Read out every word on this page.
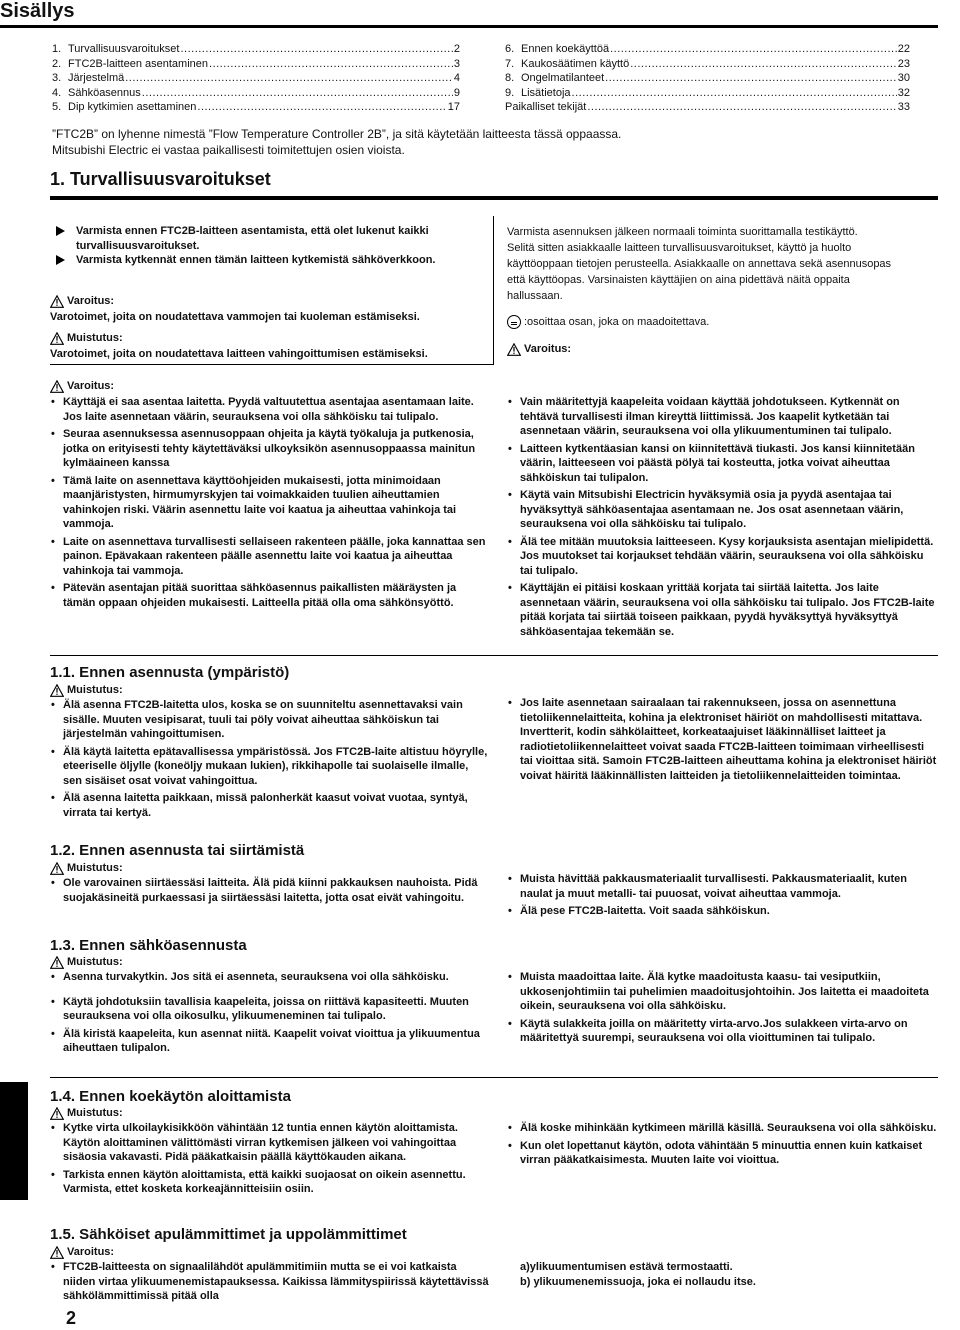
Sisällys
1. Turvallisuusvaroitukset .....	2
2. FTC2B-laitteen asentaminen .....	3
3. Järjestelmä .....	4
4. Sähköasennus .....	9
5. Dip kytkimien asettaminen .....	17
6. Ennen koekäyttöä .....	22
7. Kaukosäätimen käyttö .....	23
8. Ongelmatilanteet .....	30
9. Lisätietoja .....	32
Paikalliset tekijät .....	33
”FTC2B” on lyhenne nimestä ”Flow Temperature Controller 2B”, ja sitä käytetään laitteesta tässä oppaassa.
Mitsubishi Electric ei vastaa paikallisesti toimitettujen osien vioista.
1. Turvallisuusvaroitukset
Varmista ennen FTC2B-laitteen asentamista, että olet lukenut kaikki turvallisuusvaroitukset.
Varmista kytkennät ennen tämän laitteen kytkemistä sähköverkkoon.
Varoitus:
Varotoimet, joita on noudatettava vammojen tai kuoleman estämiseksi.
Muistutus:
Varotoimet, joita on noudatettava laitteen vahingoittumisen estämiseksi.
Varmista asennuksen jälkeen normaali toiminta suorittamalla testikäyttö.
Selitä sitten asiakkaalle laitteen turvallisuusvaroitukset, käyttö ja huolto
käyttöoppaan tietojen perusteella. Asiakkaalle on annettava sekä asennusopas
että käyttöopas. Varsinaisten käyttäjien on aina pidettävä näitä oppaita
hallussaan.
:osoittaa osan, joka on maadoitettava.
Varoitus:
Varoitus:
• Käyttäjä ei saa asentaa laitetta. Pyydä valtuutettua asentajaa asentamaan laite. Jos laite asennetaan väärin, seurauksena voi olla sähköisku tai tulipalo.
• Seuraa asennuksessa asennusoppaan ohjeita ja käytä työkaluja ja putkenosia, jotka on erityisesti tehty käytettäväksi ulkoyksikön asennusoppaassa mainitun kylmäaineen kanssa
• Tämä laite on asennettava käyttöohjeiden mukaisesti, jotta minimoidaan maanjäristysten, hirmumyrskyjen tai voimakkaiden tuulien aiheuttamien vahinkojen riski. Väärin asennettu laite voi kaatua ja aiheuttaa vahinkoja tai vammoja.
• Laite on asennettava turvallisesti sellaiseen rakenteen päälle, joka kannattaa sen painon. Epävakaan rakenteen päälle asennettu laite voi kaatua ja aiheuttaa vahinkoja tai vammoja.
• Pätevän asentajan pitää suorittaa sähköasennus paikallisten määräysten ja tämän oppaan ohjeiden mukaisesti. Laitteella pitää olla oma sähkönsyöttö.
• Vain määritettyjä kaapeleita voidaan käyttää johdotukseen. Kytkennät on tehtävä turvallisesti ilman kireyttä liittimissä. Jos kaapelit kytketään tai asennetaan väärin, seurauksena voi olla ylikuumentuminen tai tulipalo.
• Laitteen kytkentäasian kansi on kiinnitettävä tiukasti. Jos kansi kiinnitetään väärin, laitteeseen voi päästä pölyä tai kosteutta, jotka voivat aiheuttaa sähköiskun tai tulipalon.
• Käytä vain Mitsubishi Electricin hyväksymiä osia ja pyydä asentajaa tai hyväksyttyä sähköasentajaa asentamaan ne. Jos osat asennetaan väärin, seurauksena voi olla sähköisku tai tulipalo.
• Älä tee mitään muutoksia laitteeseen. Kysy korjauksista asentajan mielipidettä. Jos muutokset tai korjaukset tehdään väärin, seurauksena voi olla sähköisku tai tulipalo.
• Käyttäjän ei pitäisi koskaan yrittää korjata tai siirtää laitetta. Jos laite asennetaan väärin, seurauksena voi olla sähköisku tai tulipalo. Jos FTC2B-laite pitää korjata tai siirtää toiseen paikkaan, pyydä hyväksyttyä hyväksyttyä sähköasentajaa tekemään se.
1.1. Ennen asennusta (ympäristö)
Muistutus:
• Älä asenna FTC2B-laitetta ulos, koska se on suunniteltu asennettavaksi vain sisälle. Muuten vesipisarat, tuuli tai pöly voivat aiheuttaa sähköiskun tai järjestelmän vahingoittumisen.
• Älä käytä laitetta epätavallisessa ympäristössä. Jos FTC2B-laite altistuu höyrylle, eteeriselle öljylle (koneöljy mukaan lukien), rikkihapolle tai suolaiselle ilmalle, sen sisäiset osat voivat vahingoittua.
• Älä asenna laitetta paikkaan, missä palonherkät kaasut voivat vuotaa, syntyä, virrata tai kertyä.
• Jos laite asennetaan sairaalaan tai rakennukseen, jossa on asennettuna tietoliikennelaitteita, kohina ja elektroniset häiriöt on mahdollisesti mitattava. Invertterit, kodin sähkölaitteet, korkeataajuiset lääkinnälliset laitteet ja radiotietoliikennelaitteet voivat saada FTC2B-laitteen toimimaan virheellisesti tai vioittaa sitä. Samoin FTC2B-laitteen aiheuttama kohina ja elektroniset häiriöt voivat häiritä lääkinnällisten laitteiden ja tietoliikennelaitteiden toimintaa.
1.2. Ennen asennusta tai siirtämistä
Muistutus:
• Ole varovainen siirtäessäsi laitteita. Älä pidä kiinni pakkauksen nauhoista. Pidä suojakäsineitä purkaessasi ja siirtäessäsi laitetta, jotta osat eivät vahingoitu.
• Muista hävittää pakkausmateriaalit turvallisesti. Pakkausmateriaalit, kuten naulat ja muut metalli- tai puuosat, voivat aiheuttaa vammoja.
• Älä pese FTC2B-laitetta. Voit saada sähköiskun.
1.3. Ennen sähköasennusta
Muistutus:
• Asenna turvakytkin. Jos sitä ei asenneta, seurauksena voi olla sähköisku.
• Käytä johdotuksiin tavallisia kaapeleita, joissa on riittävä kapasiteetti. Muuten seurauksena voi olla oikosulku, ylikuumeneminen tai tulipalo.
• Älä kiristä kaapeleita, kun asennat niitä. Kaapelit voivat vioittua ja ylikuumentua aiheuttaen tulipalon.
• Muista maadoittaa laite. Älä kytke maadoitusta kaasu- tai vesiputkiin, ukkosenjohtimiin tai puhelimien maadoitusjohtoihin. Jos laitetta ei maadoiteta oikein, seurauksena voi olla sähköisku.
• Käytä sulakkeita joilla on määritetty virta-arvo.Jos sulakkeen virta-arvo on määritettyä suurempi, seurauksena voi olla vioittuminen tai tulipalo.
1.4. Ennen koekäytön aloittamista
Muistutus:
• Kytke virta ulkoilaykisikköön vähintään 12 tuntia ennen käytön aloittamista. Käytön aloittaminen välittömästi virran kytkemisen jälkeen voi vahingoittaa sisäosia vakavasti. Pidä pääkatkaisin päällä käyttökauden aikana.
• Tarkista ennen käytön aloittamista, että kaikki suojaosat on oikein asennettu. Varmista, ettet kosketa korkeajännitteisiin osiin.
• Älä koske mihinkään kytkimeen märillä käsillä. Seurauksena voi olla sähköisku.
• Kun olet lopettanut käytön, odota vähintään 5 minuuttia ennen kuin katkaiset virran pääkatkaisimesta. Muuten laite voi vioittua.
1.5. Sähköiset apulämmittimet ja uppolämmittimet
Varoitus:
• FTC2B-laitteesta on signaalilähdöt apulämmitimiin mutta se ei voi katkaista niiden virtaa ylikuumenemistapauksessa. Kaikissa lämmityspiirissä käytettävissä sähkölämmittimissä pitää olla
a)ylikuumentumisen estävä termostaatti.
b) ylikuumenemissuoja, joka ei nollaudu itse.
2
